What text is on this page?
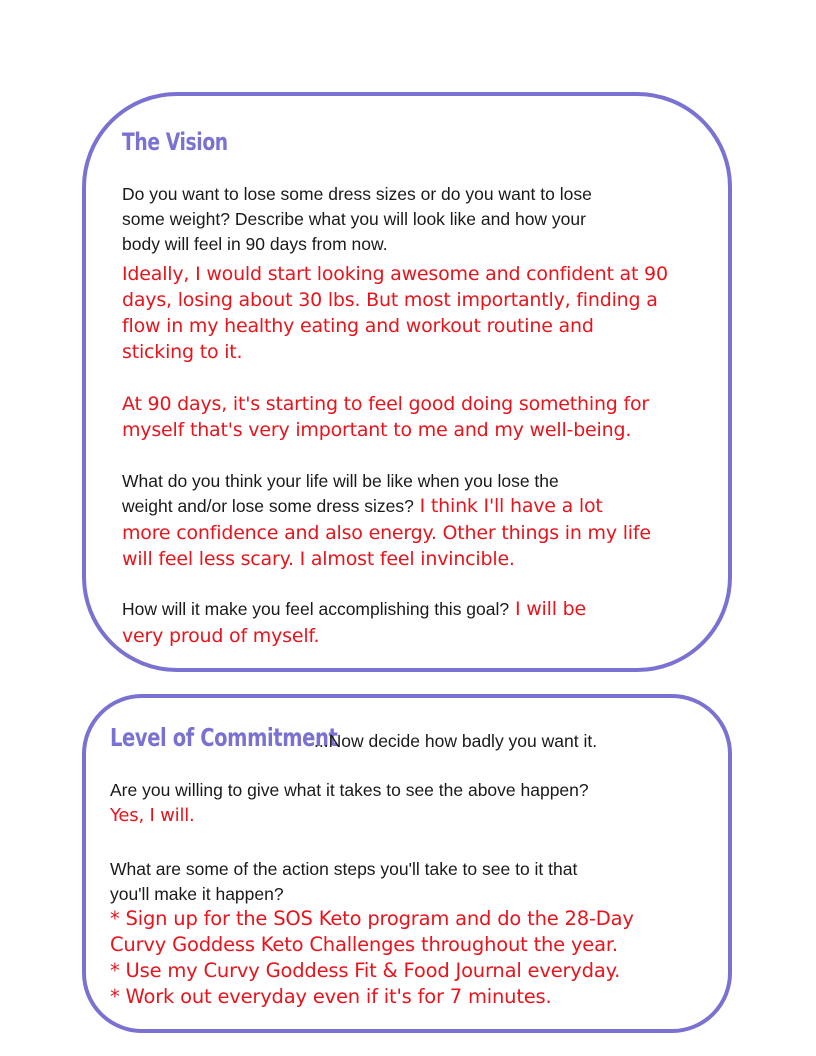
The Vision
Do you want to lose some dress sizes or do you want to lose
some weight? Describe what you will look like and how your
body will feel in 90 days from now.
Ideally, I would start looking awesome and confident at 90
days, losing about 30 lbs. But most importantly, finding a
flow in my healthy eating and workout routine and
sticking to it.
At 90 days, it's starting to feel good doing something for
myself that's very important to me and my well-being.
What do you think your life will be like when you lose the
weight and/or lose some dress sizes? I think I'll have a lot
more confidence and also energy. Other things in my life
will feel less scary. I almost feel invincible.
How will it make you feel accomplishing this goal? I will be
very proud of myself.
Level of Commitment
...Now decide how badly you want it.
Are you willing to give what it takes to see the above happen?
Yes, I will.
What are some of the action steps you'll take to see to it that
you'll make it happen?
* Sign up for the SOS Keto program and do the 28-Day
Curvy Goddess Keto Challenges throughout the year.
* Use my Curvy Goddess Fit & Food Journal everyday.
* Work out everyday even if it's for 7 minutes.
